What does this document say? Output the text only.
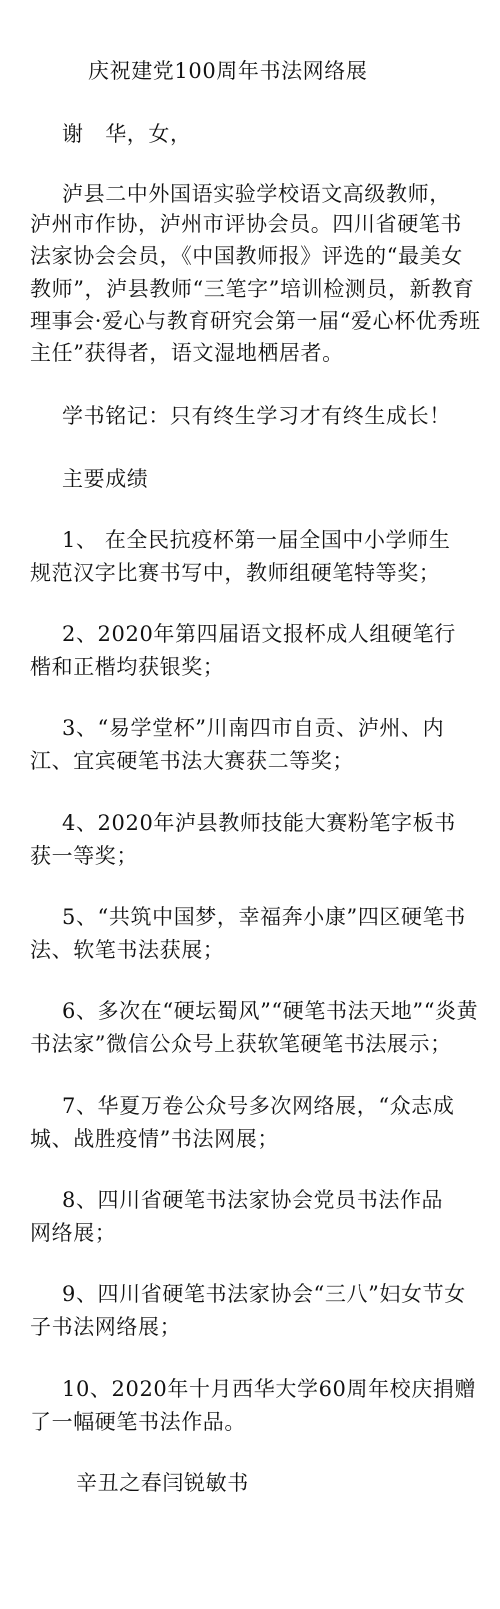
庆祝建党100周年书法网络展
谢　华，女，
泸县二中外国语实验学校语文高级教师，
泸州市作协，泸州市评协会员。四川省硬笔书
法家协会会员，《中国教师报》评选的“最美女
教师”，泸县教师“三笔字”培训检测员，新教育
理事会·爱心与教育研究会第一届“爱心杯优秀班
主任”获得者，语文湿地栖居者。
学书铭记：只有终生学习才有终生成长！
主要成绩
1、 在全民抗疫杯第一届全国中小学师生
规范汉字比赛书写中，教师组硬笔特等奖；
2、2020年第四届语文报杯成人组硬笔行
楷和正楷均获银奖；
3、“易学堂杯”川南四市自贡、泸州、内
江、宜宾硬笔书法大赛获二等奖；
4、2020年泸县教师技能大赛粉笔字板书
获一等奖；
5、“共筑中国梦，幸福奔小康”四区硬笔书
法、软笔书法获展；
6、多次在“硬坛蜀风”“硬笔书法天地”“炎黄
书法家”微信公众号上获软笔硬笔书法展示；
7、华夏万卷公众号多次网络展，“众志成
城、战胜疫情”书法网展；
8、四川省硬笔书法家协会党员书法作品
网络展；
9、四川省硬笔书法家协会“三八”妇女节女
子书法网络展；
10、2020年十月西华大学60周年校庆捐赠
了一幅硬笔书法作品。
辛丑之春闫锐敏书
